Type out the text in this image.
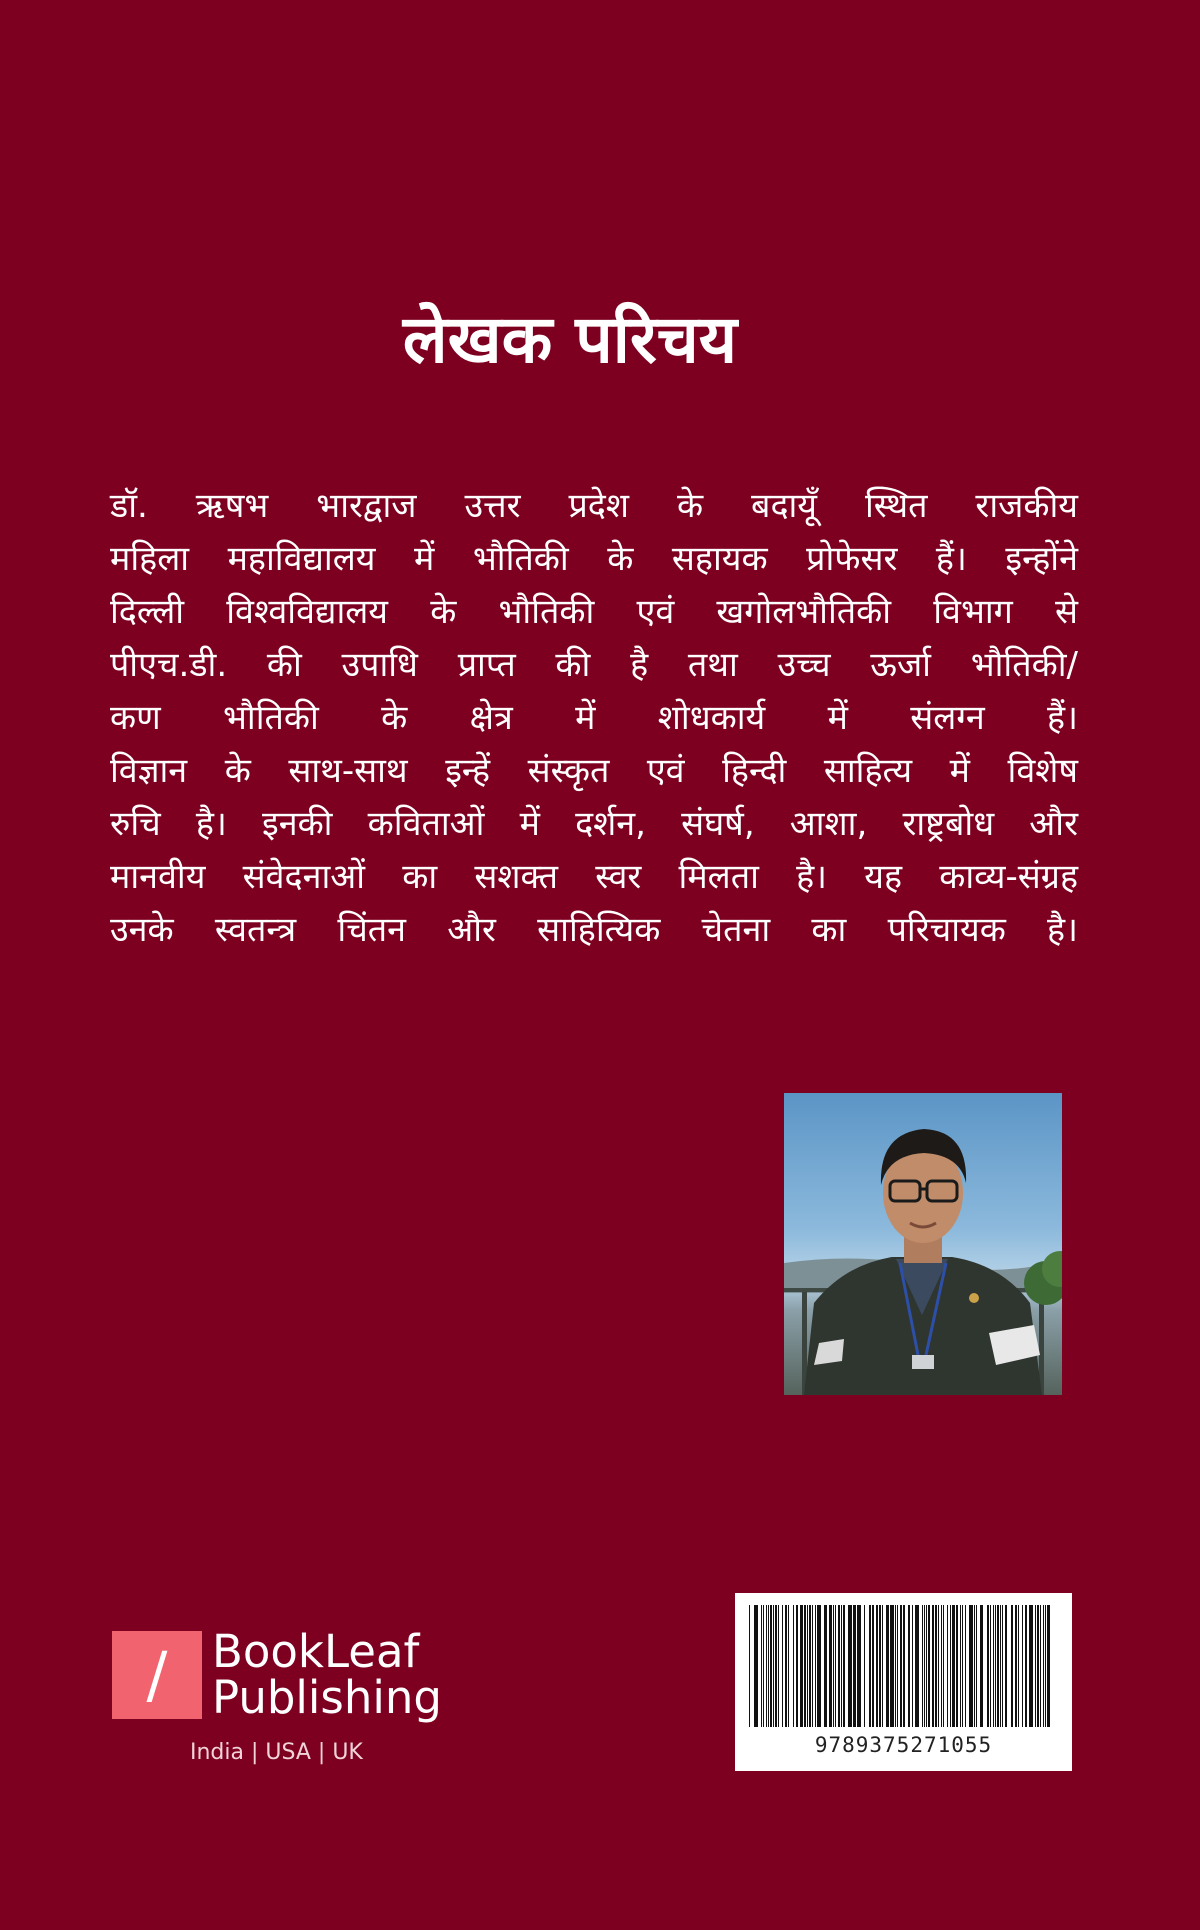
लेखक परिचय
डॉ. ऋषभ भारद्वाज उत्तर प्रदेश के बदायूँ स्थित राजकीय
महिला महाविद्यालय में भौतिकी के सहायक प्रोफेसर हैं। इन्होंने
दिल्ली विश्वविद्यालय के भौतिकी एवं खगोलभौतिकी विभाग से
पीएच.डी. की उपाधि प्राप्त की है तथा उच्च ऊर्जा भौतिकी/
कण भौतिकी के क्षेत्र में शोधकार्य में संलग्न हैं।
विज्ञान के साथ-साथ इन्हें संस्कृत एवं हिन्दी साहित्य में विशेष
रुचि है। इनकी कविताओं में दर्शन, संघर्ष, आशा, राष्ट्रबोध और
मानवीय संवेदनाओं का सशक्त स्वर मिलता है। यह काव्य-संग्रह
उनके स्वतन्त्र चिंतन और साहित्यिक चेतना का परिचायक है।
/ BookLeaf
Publishing
India | USA | UK	9789375271055
